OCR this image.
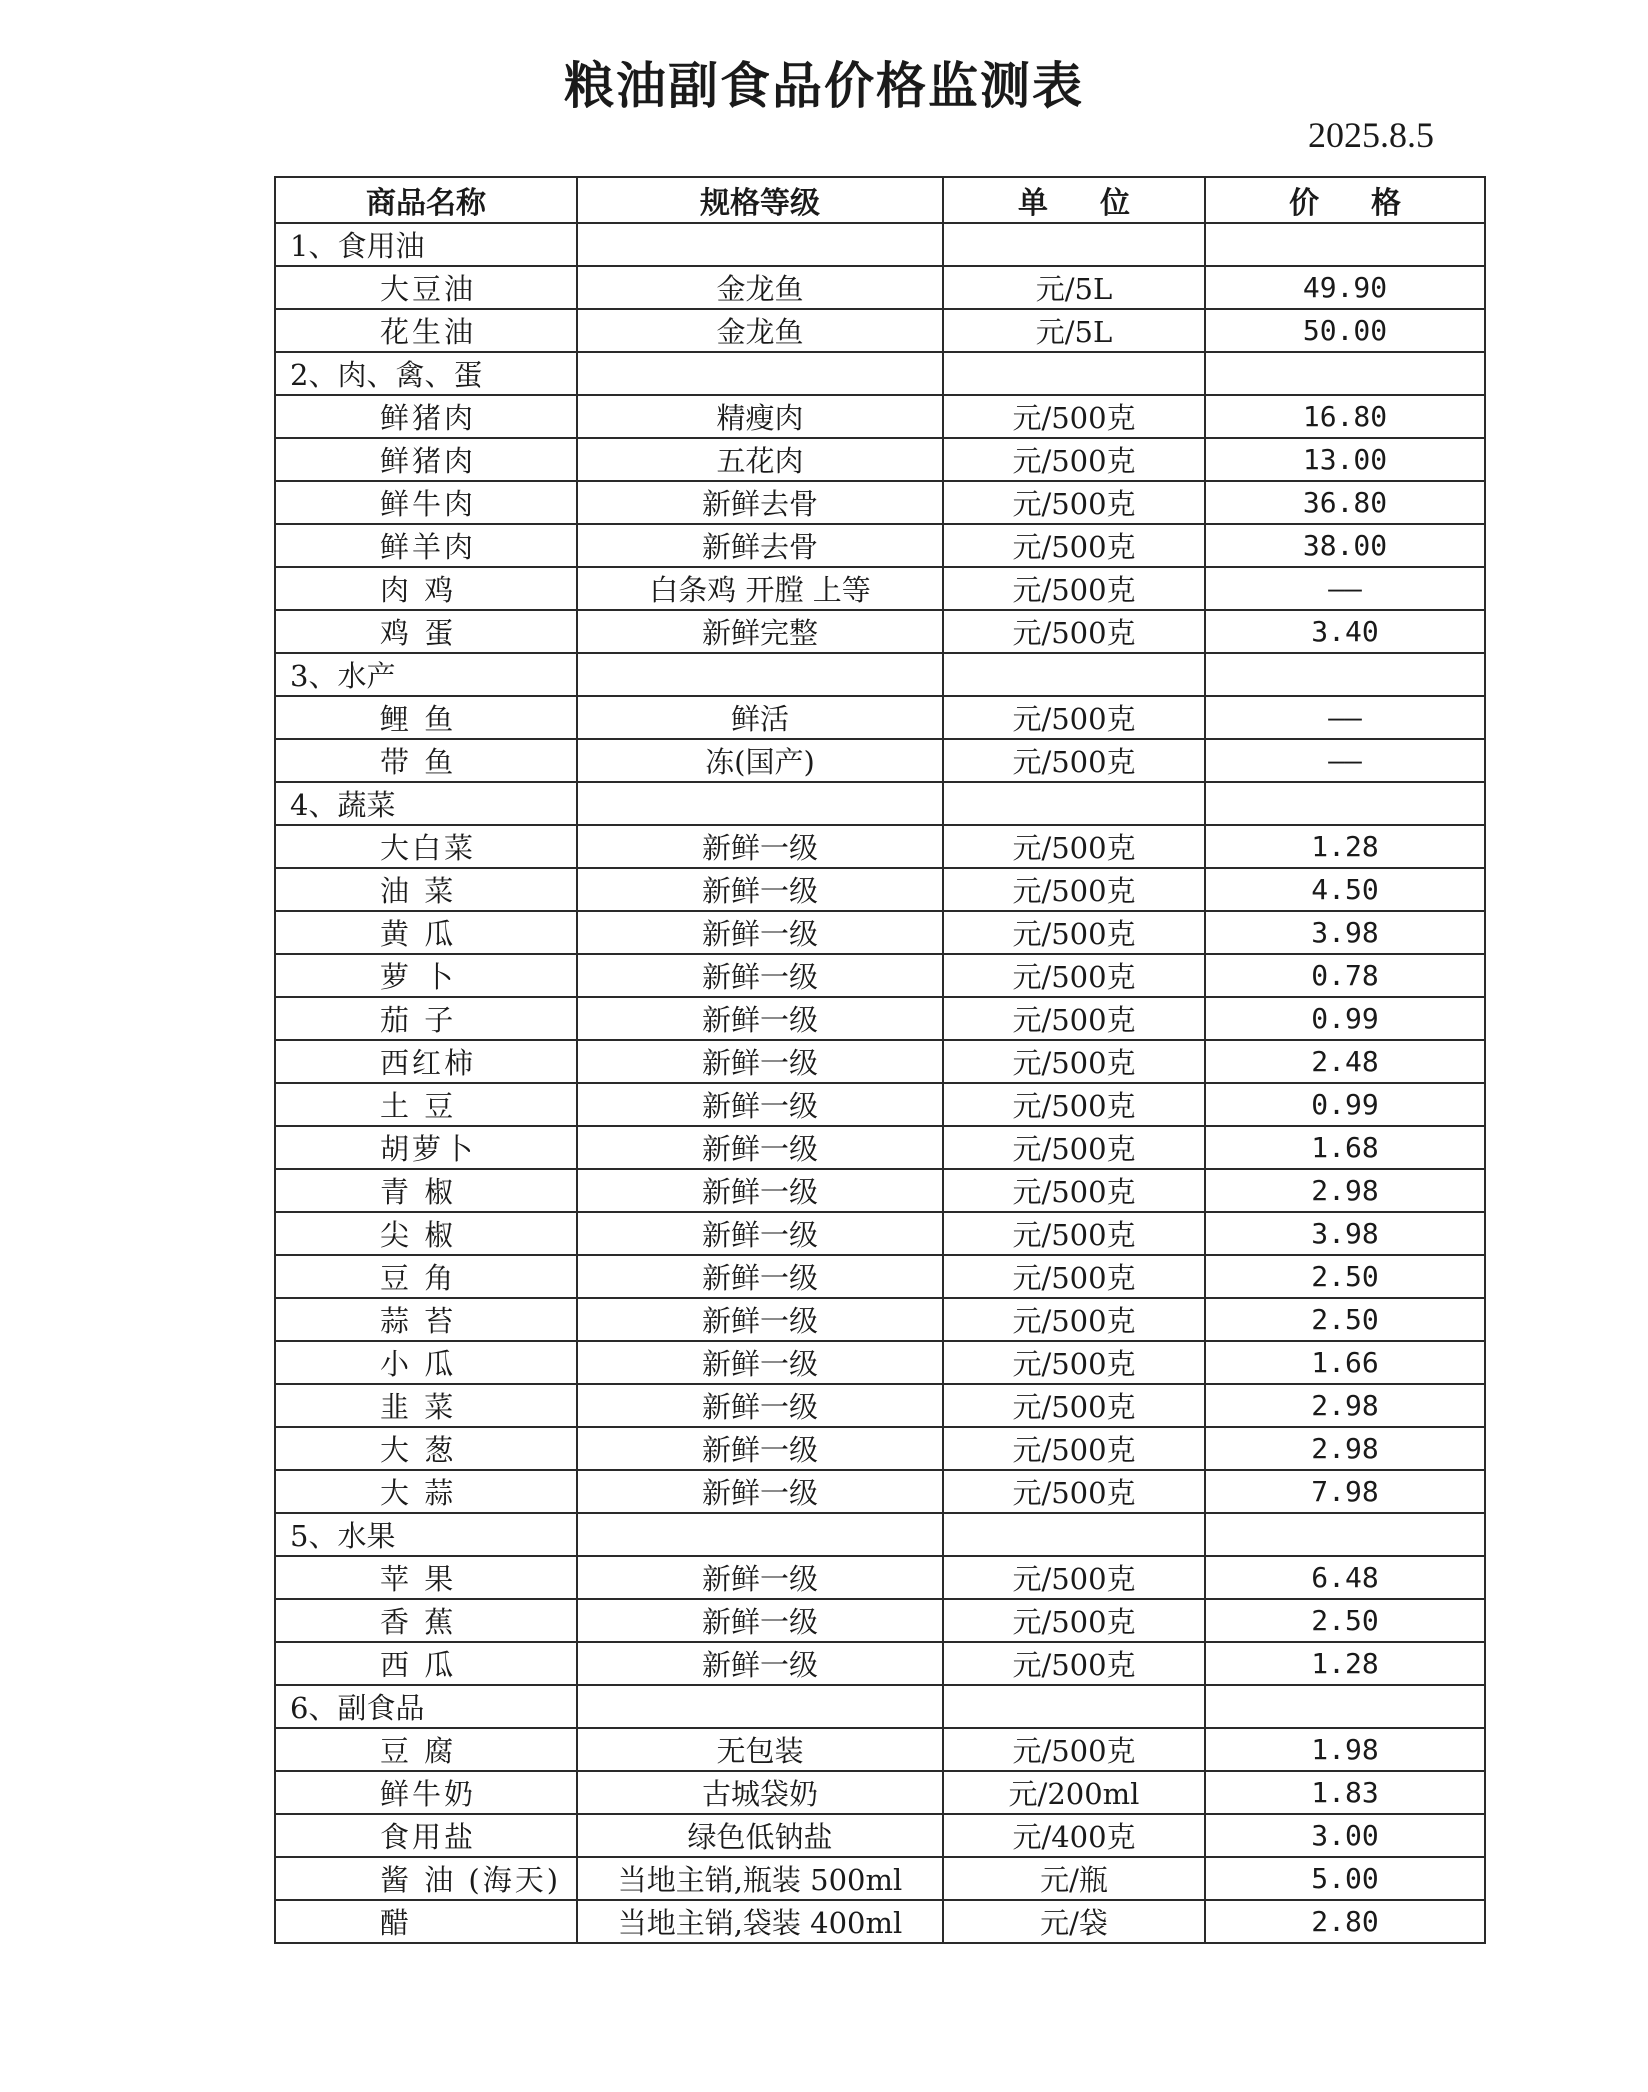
粮油副食品价格监测表
2025.8.5
商品名称	规格等级	单位	价格
1、食用油			
大豆油	金龙鱼	元/5L	49.90
花生油	金龙鱼	元/5L	50.00
2、肉、禽、蛋			
鲜猪肉	精瘦肉	元/500克	16.80
鲜猪肉	五花肉	元/500克	13.00
鲜牛肉	新鲜去骨	元/500克	36.80
鲜羊肉	新鲜去骨	元/500克	38.00
肉 鸡	白条鸡 开膛 上等	元/500克	——
鸡 蛋	新鲜完整	元/500克	3.40
3、水产			
鲤 鱼	鲜活	元/500克	——
带 鱼	冻(国产)	元/500克	——
4、蔬菜			
大白菜	新鲜一级	元/500克	1.28
油 菜	新鲜一级	元/500克	4.50
黄 瓜	新鲜一级	元/500克	3.98
萝 卜	新鲜一级	元/500克	0.78
茄 子	新鲜一级	元/500克	0.99
西红柿	新鲜一级	元/500克	2.48
土 豆	新鲜一级	元/500克	0.99
胡萝卜	新鲜一级	元/500克	1.68
青 椒	新鲜一级	元/500克	2.98
尖 椒	新鲜一级	元/500克	3.98
豆 角	新鲜一级	元/500克	2.50
蒜 苔	新鲜一级	元/500克	2.50
小 瓜	新鲜一级	元/500克	1.66
韭 菜	新鲜一级	元/500克	2.98
大 葱	新鲜一级	元/500克	2.98
大 蒜	新鲜一级	元/500克	7.98
5、水果			
苹 果	新鲜一级	元/500克	6.48
香 蕉	新鲜一级	元/500克	2.50
西 瓜	新鲜一级	元/500克	1.28
6、副食品			
豆 腐	无包装	元/500克	1.98
鲜牛奶	古城袋奶	元/200ml	1.83
食用盐	绿色低钠盐	元/400克	3.00
酱 油 (海天)	当地主销,瓶装 500ml	元/瓶	5.00
醋	当地主销,袋装 400ml	元/袋	2.80
